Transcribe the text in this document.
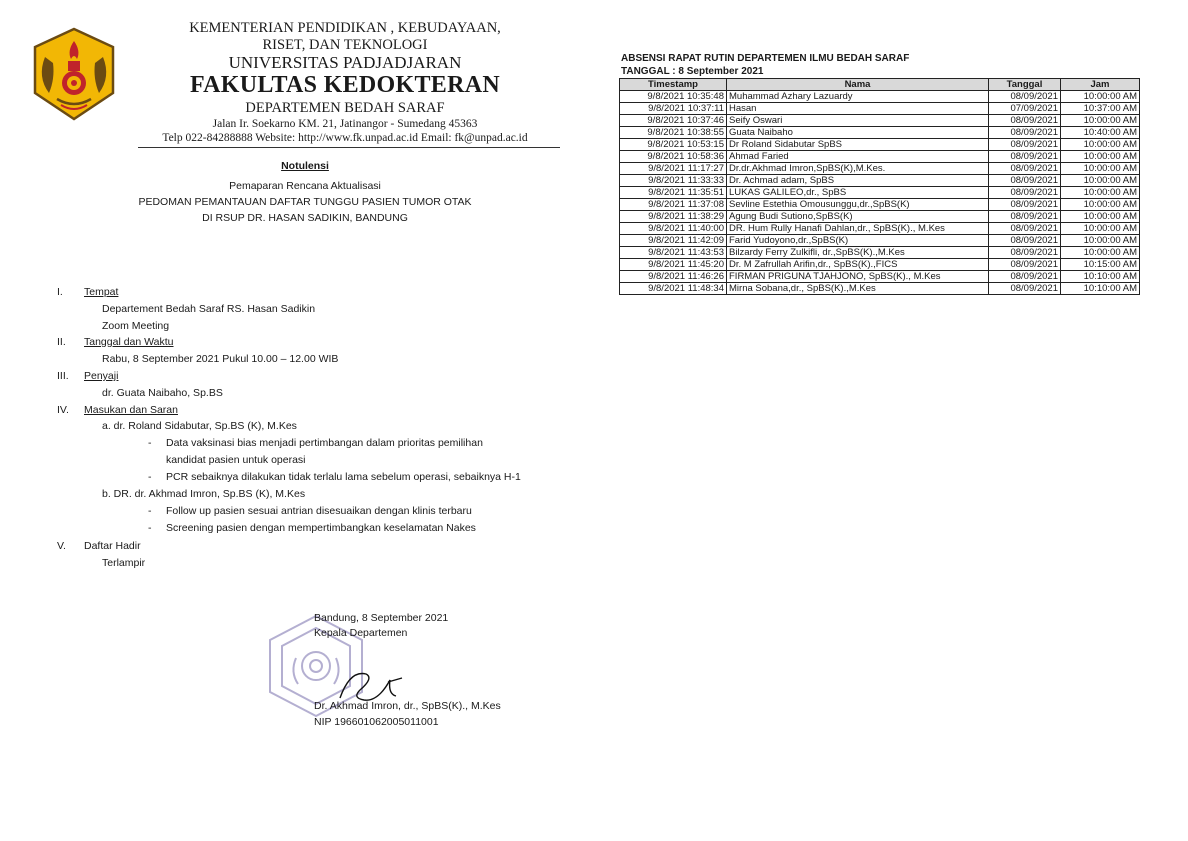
KEMENTERIAN PENDIDIKAN , KEBUDAYAAN,
RISET, DAN TEKNOLOGI
UNIVERSITAS PADJADJARAN
FAKULTAS KEDOKTERAN
DEPARTEMEN BEDAH SARAF
Jalan Ir. Soekarno KM. 21, Jatinangor - Sumedang 45363
Telp 022-84288888 Website: http://www.fk.unpad.ac.id Email: fk@unpad.ac.id
Notulensi
Pemaparan Rencana Aktualisasi
PEDOMAN PEMANTAUAN DAFTAR TUNGGU PASIEN TUMOR OTAK
DI RSUP DR. HASAN SADIKIN, BANDUNG
I.	Tempat
Departement Bedah Saraf RS. Hasan Sadikin
Zoom Meeting
II.	Tanggal dan Waktu
Rabu, 8 September 2021 Pukul 10.00 – 12.00 WIB
III.	Penyaji
dr. Guata Naibaho, Sp.BS
IV.	Masukan dan Saran
a. dr. Roland Sidabutar, Sp.BS (K), M.Kes
- Data vaksinasi bias menjadi pertimbangan dalam prioritas pemilihan
kandidat pasien untuk operasi
- PCR sebaiknya dilakukan tidak terlalu lama sebelum operasi, sebaiknya H-1
b. DR. dr. Akhmad Imron, Sp.BS (K), M.Kes
- Follow up pasien sesuai antrian disesuaikan dengan klinis terbaru
- Screening pasien dengan mempertimbangkan keselamatan Nakes
V.	Daftar Hadir
Terlampir
Bandung, 8 September 2021
Kepala Departemen
Dr. Akhmad Imron, dr., SpBS(K)., M.Kes
NIP 196601062005011001
ABSENSI RAPAT RUTIN DEPARTEMEN ILMU BEDAH SARAF
TANGGAL : 8 September 2021
Timestamp	Nama	Tanggal	Jam
9/8/2021 10:35:48	Muhammad Azhary Lazuardy	08/09/2021	10:00:00 AM
9/8/2021 10:37:11	Hasan	07/09/2021	10:37:00 AM
9/8/2021 10:37:46	Seify Oswari	08/09/2021	10:00:00 AM
9/8/2021 10:38:55	Guata Naibaho	08/09/2021	10:40:00 AM
9/8/2021 10:53:15	Dr Roland Sidabutar SpBS	08/09/2021	10:00:00 AM
9/8/2021 10:58:36	Ahmad Faried	08/09/2021	10:00:00 AM
9/8/2021 11:17:27	Dr.dr.Akhmad Imron,SpBS(K),M.Kes.	08/09/2021	10:00:00 AM
9/8/2021 11:33:33	Dr. Achmad adam, SpBS	08/09/2021	10:00:00 AM
9/8/2021 11:35:51	LUKAS GALILEO,dr., SpBS	08/09/2021	10:00:00 AM
9/8/2021 11:37:08	Sevline Estethia Omousunggu,dr.,SpBS(K)	08/09/2021	10:00:00 AM
9/8/2021 11:38:29	Agung Budi Sutiono,SpBS(K)	08/09/2021	10:00:00 AM
9/8/2021 11:40:00	DR. Hum Rully Hanafi Dahlan,dr., SpBS(K)., M.Kes	08/09/2021	10:00:00 AM
9/8/2021 11:42:09	Farid Yudoyono,dr.,SpBS(K)	08/09/2021	10:00:00 AM
9/8/2021 11:43:53	Bilzardy Ferry Zulkifli, dr.,SpBS(K).,M.Kes	08/09/2021	10:00:00 AM
9/8/2021 11:45:20	Dr. M Zafrullah Arifin,dr., SpBS(K).,FICS	08/09/2021	10:15:00 AM
9/8/2021 11:46:26	FIRMAN PRIGUNA TJAHJONO, SpBS(K)., M.Kes	08/09/2021	10:10:00 AM
9/8/2021 11:48:34	Mirna Sobana,dr., SpBS(K).,M.Kes	08/09/2021	10:10:00 AM
